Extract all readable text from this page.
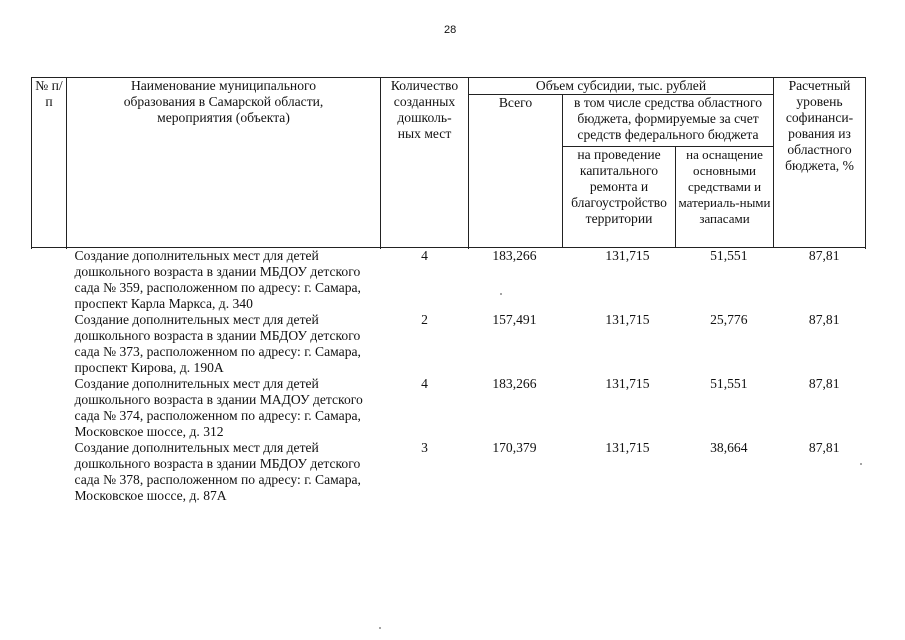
28
№ п/п	Наименование муниципального образования в Самарской области, мероприятия (объекта)	Количество созданных дошколь-ных мест	Объем субсидии, тыс. рублей			Расчетный уровень софинанси-рования из областного бюджета, %
			Всего	в том числе средства областного бюджета, формируемые за счет средств федерального бюджета		
				на проведение капитального ремонта и благоустройство территории	на оснащение основными средствами и материаль-ными запасами	

	Создание дополнительных мест для детей дошкольного возраста в здании МБДОУ детского сада № 359, расположенном по адресу: г. Самара, проспект Карла Маркса, д. 340	4	183,266	131,715	51,551	87,81
	Создание дополнительных мест для детей дошкольного возраста в здании МБДОУ детского сада № 373, расположенном по адресу: г. Самара, проспект Кирова, д. 190А	2	157,491	131,715	25,776	87,81
	Создание дополнительных мест для детей дошкольного возраста в здании МАДОУ детского сада № 374, расположенном по адресу: г. Самара, Московское шоссе, д. 312	4	183,266	131,715	51,551	87,81
	Создание дополнительных мест для детей дошкольного возраста в здании МБДОУ детского сада № 378, расположенном по адресу: г. Самара, Московское шоссе, д. 87А	3	170,379	131,715	38,664	87,81
